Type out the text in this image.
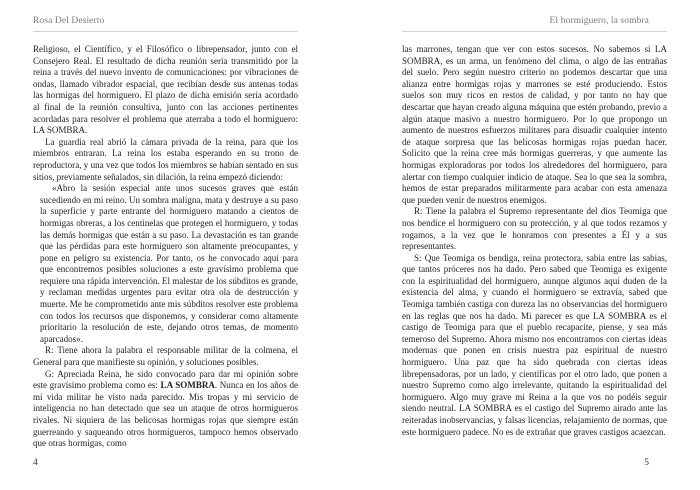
Rosa Del Desierto

Religioso, el Científico, y el Filosófico o librepensador, junto con el Consejero Real. El resultado de dicha reunión sería transmitido por la reina a través del nuevo invento de comunicaciones: por vibraciones de ondas, llamado vibrador espacial, que recibían desde sus antenas todas las hormigas del hormiguero. El plazo de dicha emisión sería acordado al final de la reunión consultiva, junto con las acciones pertinentes acordadas para resolver el problema que aterraba a todo el hormiguero: LA SOMBRA.

La guardia real abrió la cámara privada de la reina, para que los miembros entraran. La reina los estaba esperando en su trono de reproductora, y una vez que todos los miembros se habían sentado en sus sitios, previamente señalados, sin dilación, la reina empezó diciendo:

«Abro la sesión especial ante unos sucesos graves que están sucediendo en mi reino. Un sombra maligna, mata y destruye a su paso la superficie y parte entrante del hormiguero matando a cientos de hormigas obreras, a los centinelas que protegen el hormiguero, y todas las demás hormigas que están a su paso. La devastación es tan grande que las pérdidas para este hormiguero son altamente preocupantes, y pone en peligro su existencia. Por tanto, os he convocado aquí para que encontremos posibles soluciones a este gravísimo problema que requiere una rápida intervención. El malestar de los súbditos es grande, y reclaman medidas urgentes para evitar otra ola de destrucción y muerte. Me he comprometido ante mis súbditos resolver este problema con todos los recursos que disponemos, y considerar como altamente prioritario la resolución de este, dejando otros temas, de momento aparcados».

R: Tiene ahora la palabra el responsable militar de la colmena, el General para que manifieste su opinión, y soluciones posibles.

G: Apreciada Reina, he sido convocado para dar mi opinión sobre este gravísimo problema como es: LA SOMBRA. Nunca en los años de mi vida militar he visto nada parecido. Mis tropas y mi servicio de inteligencia no han detectado que sea un ataque de otros hormigueros rivales. Ni siquiera de las belicosas hormigas rojas que siempre están guerreando y saqueando otros hormigueros, tampoco hemos observado que otras hormigas, como

4
El hormiguero, la sombra

las marrones, tengan que ver con estos sucesos. No sabemos si LA SOMBRA, es un arma, un fenómeno del clima, o algo de las entrañas del suelo. Pero según nuestro criterio no podemos descartar que una alianza entre hormigas rojas y marrones se esté produciendo. Estos suelos son muy ricos en restos de calidad, y por tanto no hay que descartar que hayan creado alguna máquina que estén probando, previo a algún ataque masivo a nuestro hormiguero. Por lo que propongo un aumento de nuestros esfuerzos militares para disuadir cualquier intento de ataque sorpresa que las belicosas hormigas rojas puedan hacer. Solicito que la reina cree más hormigas guerreras, y que aumente las hormigas exploradoras por todos los alrededores del hormiguero, para alertar con tiempo cualquier indicio de ataque. Sea lo que sea la sombra, hemos de estar preparados militarmente para acabar con esta amenaza que pueden venir de nuestros enemigos.

R: Tiene la palabra el Supremo representante del dios Teomiga que nos bendice el hormiguero con su protección, y al que todos rezamos y rogamos, a la vez que le honramos con presentes a Él y a sus representantes.

S: Que Teomiga os bendiga, reina protectora, sabia entre las sabias, que tantos próceres nos ha dado. Pero sabed que Teomiga es exigente con la espiritualidad del hormiguero, aunque algunos aquí duden de la existencia del alma, y cuando el hormiguero se extravía, sabed que Teomiga también castiga con dureza las no observancias del hormiguero en las reglas que nos ha dado. Mi parecer es que LA SOMBRA es el castigo de Teomiga para que el pueblo recapacite, piense, y sea más temeroso del Supremo. Ahora mismo nos encontramos con ciertas ideas modernas que ponen en crisis nuestra paz espiritual de nuestro hormiguero. Una paz que ha sido quebrada con ciertas ideas librepensadoras, por un lado, y científicas por el otro lado, que ponen a nuestro Supremo como algo irrelevante, quitando la espiritualidad del hormiguero. Algo muy grave mi Reina a la que vos no podéis seguir siendo neutral. LA SOMBRA es el castigo del Supremo airado ante las reiteradas inobservancias, y falsas licencias, relajamiento de normas, que este hormiguero padece. No es de extrañar que graves castigos acaezcan.

5
